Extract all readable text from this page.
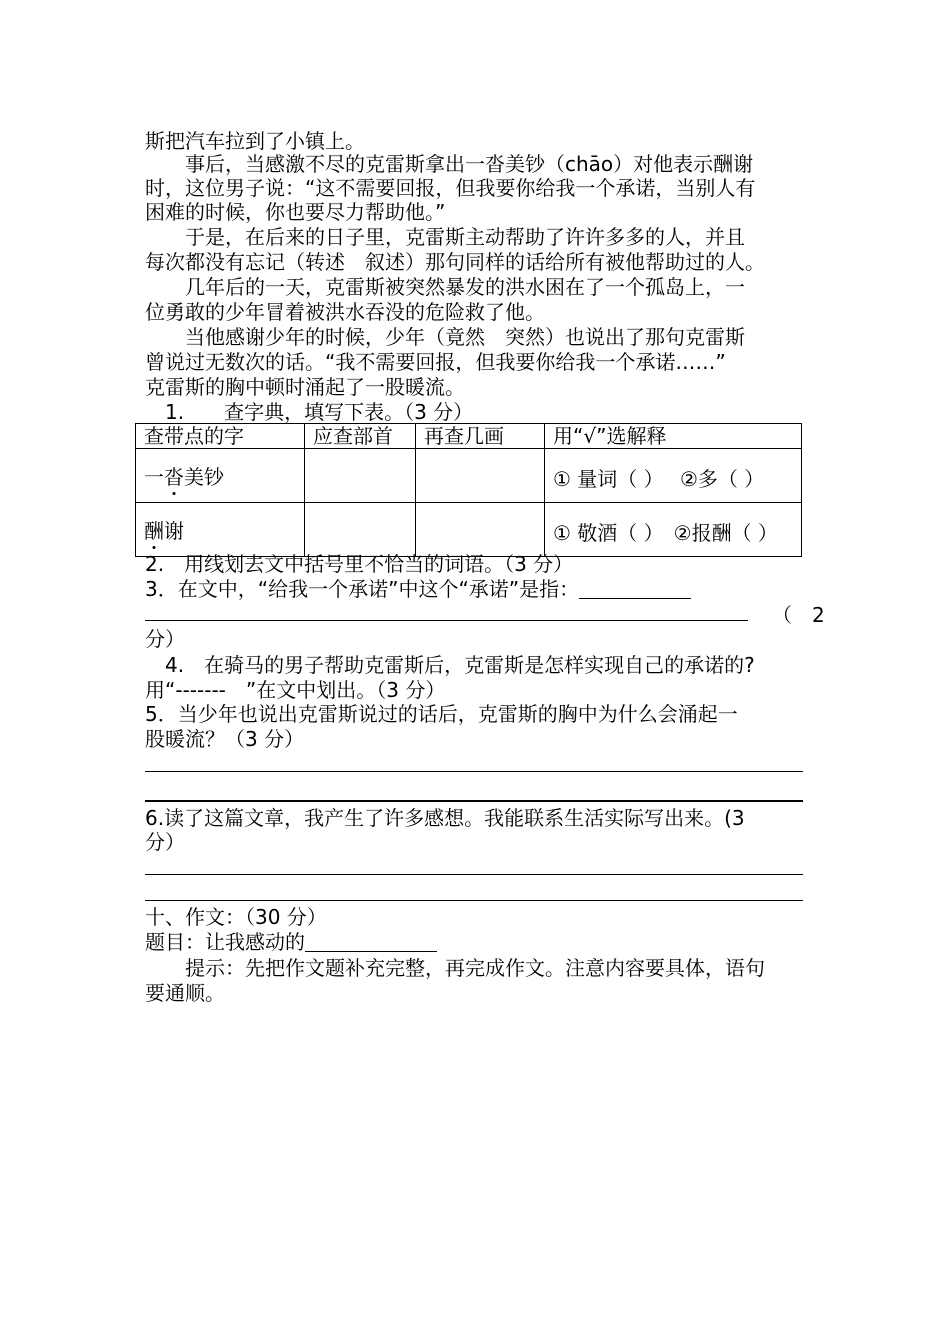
斯把汽车拉到了小镇上。
　　事后，当感激不尽的克雷斯拿出一沓美钞（chāo）对他表示酬谢
时，这位男子说：“这不需要回报，但我要你给我一个承诺，当别人有
困难的时候，你也要尽力帮助他。”
　　于是，在后来的日子里，克雷斯主动帮助了许许多多的人，并且
每次都没有忘记（转述　叙述）那句同样的话给所有被他帮助过的人。
　　几年后的一天，克雷斯被突然暴发的洪水困在了一个孤岛上，一
位勇敢的少年冒着被洪水吞没的危险救了他。
　　当他感谢少年的时候，少年（竟然　突然）也说出了那句克雷斯
曾说过无数次的话。“我不需要回报，但我要你给我一个承诺……”
克雷斯的胸中顿时涌起了一股暖流。
　1.　　查字典，填写下表。（3 分）
查带点的字	应查部首	再查几画	用“√”选解释
一沓美钞			① 量词（ ）　 ②多（ ）
酬谢			① 敬酒（ ）　②报酬（ ）
2.　用线划去文中括号里不恰当的词语。（3 分）
3．在文中，“给我一个承诺”中这个“承诺”是指：
（　2
分）
　4.　在骑马的男子帮助克雷斯后，克雷斯是怎样实现自己的承诺的?
用“-------　”在文中划出。（3 分）
5．当少年也说出克雷斯说过的话后，克雷斯的胸中为什么会涌起一
股暖流？（3 分）
6.读了这篇文章，我产生了许多感想。我能联系生活实际写出来。(3
分）
十、作文：（30 分）
题目：让我感动的
　　提示：先把作文题补充完整，再完成作文。注意内容要具体，语句
要通顺。
